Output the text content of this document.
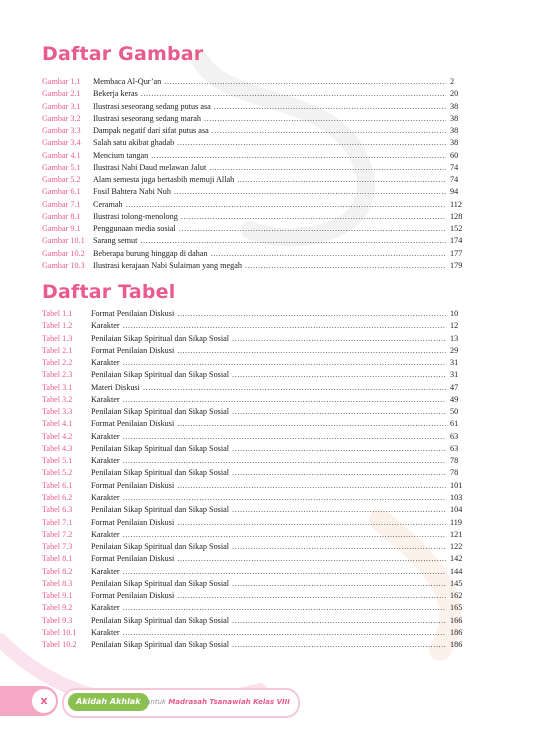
Daftar Gambar
Gambar 1.1	Membaca Al-Qur’an .....	2
Gambar 2.1	Bekerja keras .....	20
Gambar 3.1	Ilustrasi seseorang sedang putus asa .....	38
Gambar 3.2	Ilustrasi seseorang sedang marah .....	38
Gambar 3.3	Dampak negatif dari sifat putus asa .....	38
Gambar 3.4	Salah satu akibat ghadab .....	38
Gambar 4.1	Mencium tangan .....	60
Gambar 5.1	Ilustrasi Nabi Daud melawan Jalut .....	74
Gambar 5.2	Alam semesta juga bertasbih memuji Allah .....	74
Gambar 6.1	Fosil Bahtera Nabi Nuh .....	94
Gambar 7.1	Ceramah .....	112
Gambar 8.1	Ilustrasi tolong-menolong .....	128
Gambar 9.1	Penggunaan media sosial .....	152
Gambar 10.1	Sarang semut .....	174
Gambar 10.2	Beberapa burung hinggap di dahan .....	177
Gambar 10.3	Ilustrasi kerajaan Nabi Sulaiman yang megah .....	179
Daftar Tabel
Tabel 1.1	Format Penilaian Diskusi .....	10
Tabel 1.2	Karakter .....	12
Tabel 1.3	Penilaian Sikap Spiritual dan Sikap Sosial .....	13
Tabel 2.1	Format Penilaian Diskusi .....	29
Tabel 2.2	Karakter .....	31
Tabel 2.3	Penilaian Sikap Spiritual dan Sikap Sosial .....	31
Tabel 3.1	Materi Diskusi .....	47
Tabel 3.2	Karakter .....	49
Tabel 3.3	Penilaian Sikap Spiritual dan Sikap Sosial .....	50
Tabel 4.1	Format Penilaian Diskusi .....	61
Tabel 4.2	Karakter .....	63
Tabel 4.3	Penilaian Sikap Spiritual dan Sikap Sosial .....	63
Tabel 5.1	Karakter .....	78
Tabel 5.2	Penilaian Sikap Spiritual dan Sikap Sosial .....	78
Tabel 6.1	Format Penilaian Diskusi .....	101
Tabel 6.2	Karakter .....	103
Tabel 6.3	Penilaian Sikap Spiritual dan Sikap Sosial .....	104
Tabel 7.1	Format Penilaian Diskusi .....	119
Tabel 7.2	Karakter .....	121
Tabel 7.3	Penilaian Sikap Spiritual dan Sikap Sosial .....	122
Tabel 8.1	Format Penilaian Diskusi .....	142
Tabel 8.2	Karakter .....	144
Tabel 8.3	Penilaian Sikap Spiritual dan Sikap Sosial .....	145
Tabel 9.1	Format Penilaian Diskusi .....	162
Tabel 9.2	Karakter .....	165
Tabel 9.3	Penilaian Sikap Spiritual dan Sikap Sosial .....	166
Tabel 10.1	Karakter .....	186
Tabel 10.2	Penilaian Sikap Spiritual dan Sikap Sosial .....	186
x	Akidah Akhlak untuk Madrasah Tsanawiah Kelas VIII
